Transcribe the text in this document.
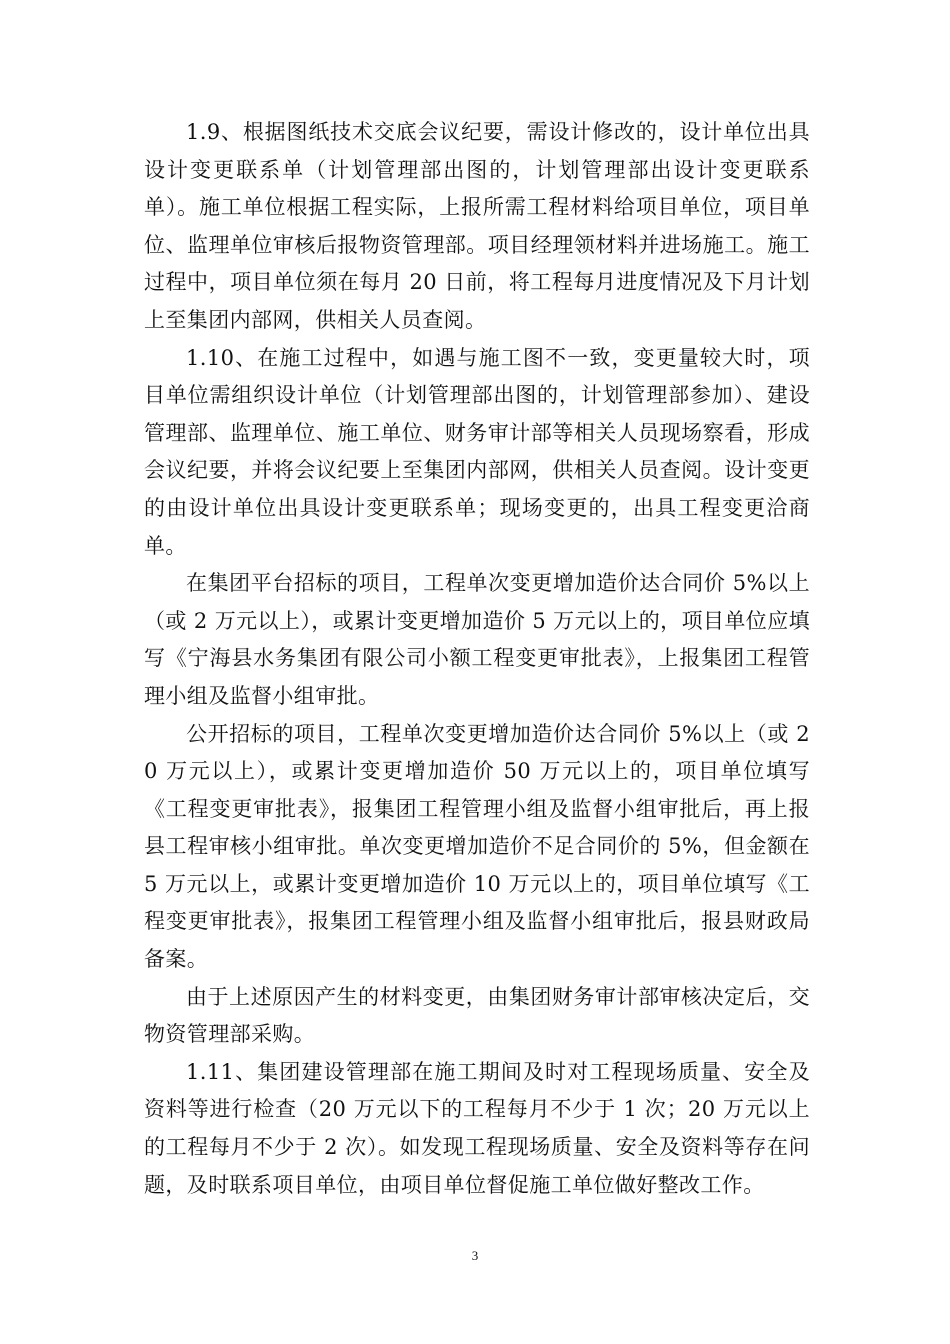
1.9、根据图纸技术交底会议纪要，需设计修改的，设计单位出具设计变更联系单（计划管理部出图的，计划管理部出设计变更联系单）。施工单位根据工程实际，上报所需工程材料给项目单位，项目单位、监理单位审核后报物资管理部。项目经理领材料并进场施工。施工过程中，项目单位须在每月 20 日前，将工程每月进度情况及下月计划上至集团内部网，供相关人员查阅。

1.10、在施工过程中，如遇与施工图不一致，变更量较大时，项目单位需组织设计单位（计划管理部出图的，计划管理部参加）、建设管理部、监理单位、施工单位、财务审计部等相关人员现场察看，形成会议纪要，并将会议纪要上至集团内部网，供相关人员查阅。设计变更的由设计单位出具设计变更联系单；现场变更的，出具工程变更洽商单。

在集团平台招标的项目，工程单次变更增加造价达合同价 5%以上（或 2 万元以上），或累计变更增加造价 5 万元以上的，项目单位应填写《宁海县水务集团有限公司小额工程变更审批表》，上报集团工程管理小组及监督小组审批。

公开招标的项目，工程单次变更增加造价达合同价 5%以上（或 20 万元以上），或累计变更增加造价 50 万元以上的，项目单位填写《工程变更审批表》，报集团工程管理小组及监督小组审批后，再上报县工程审核小组审批。单次变更增加造价不足合同价的 5%，但金额在 5 万元以上，或累计变更增加造价 10 万元以上的，项目单位填写《工程变更审批表》，报集团工程管理小组及监督小组审批后，报县财政局备案。

由于上述原因产生的材料变更，由集团财务审计部审核决定后，交物资管理部采购。

1.11、集团建设管理部在施工期间及时对工程现场质量、安全及资料等进行检查（20 万元以下的工程每月不少于 1 次；20 万元以上的工程每月不少于 2 次）。如发现工程现场质量、安全及资料等存在问题，及时联系项目单位，由项目单位督促施工单位做好整改工作。

3
